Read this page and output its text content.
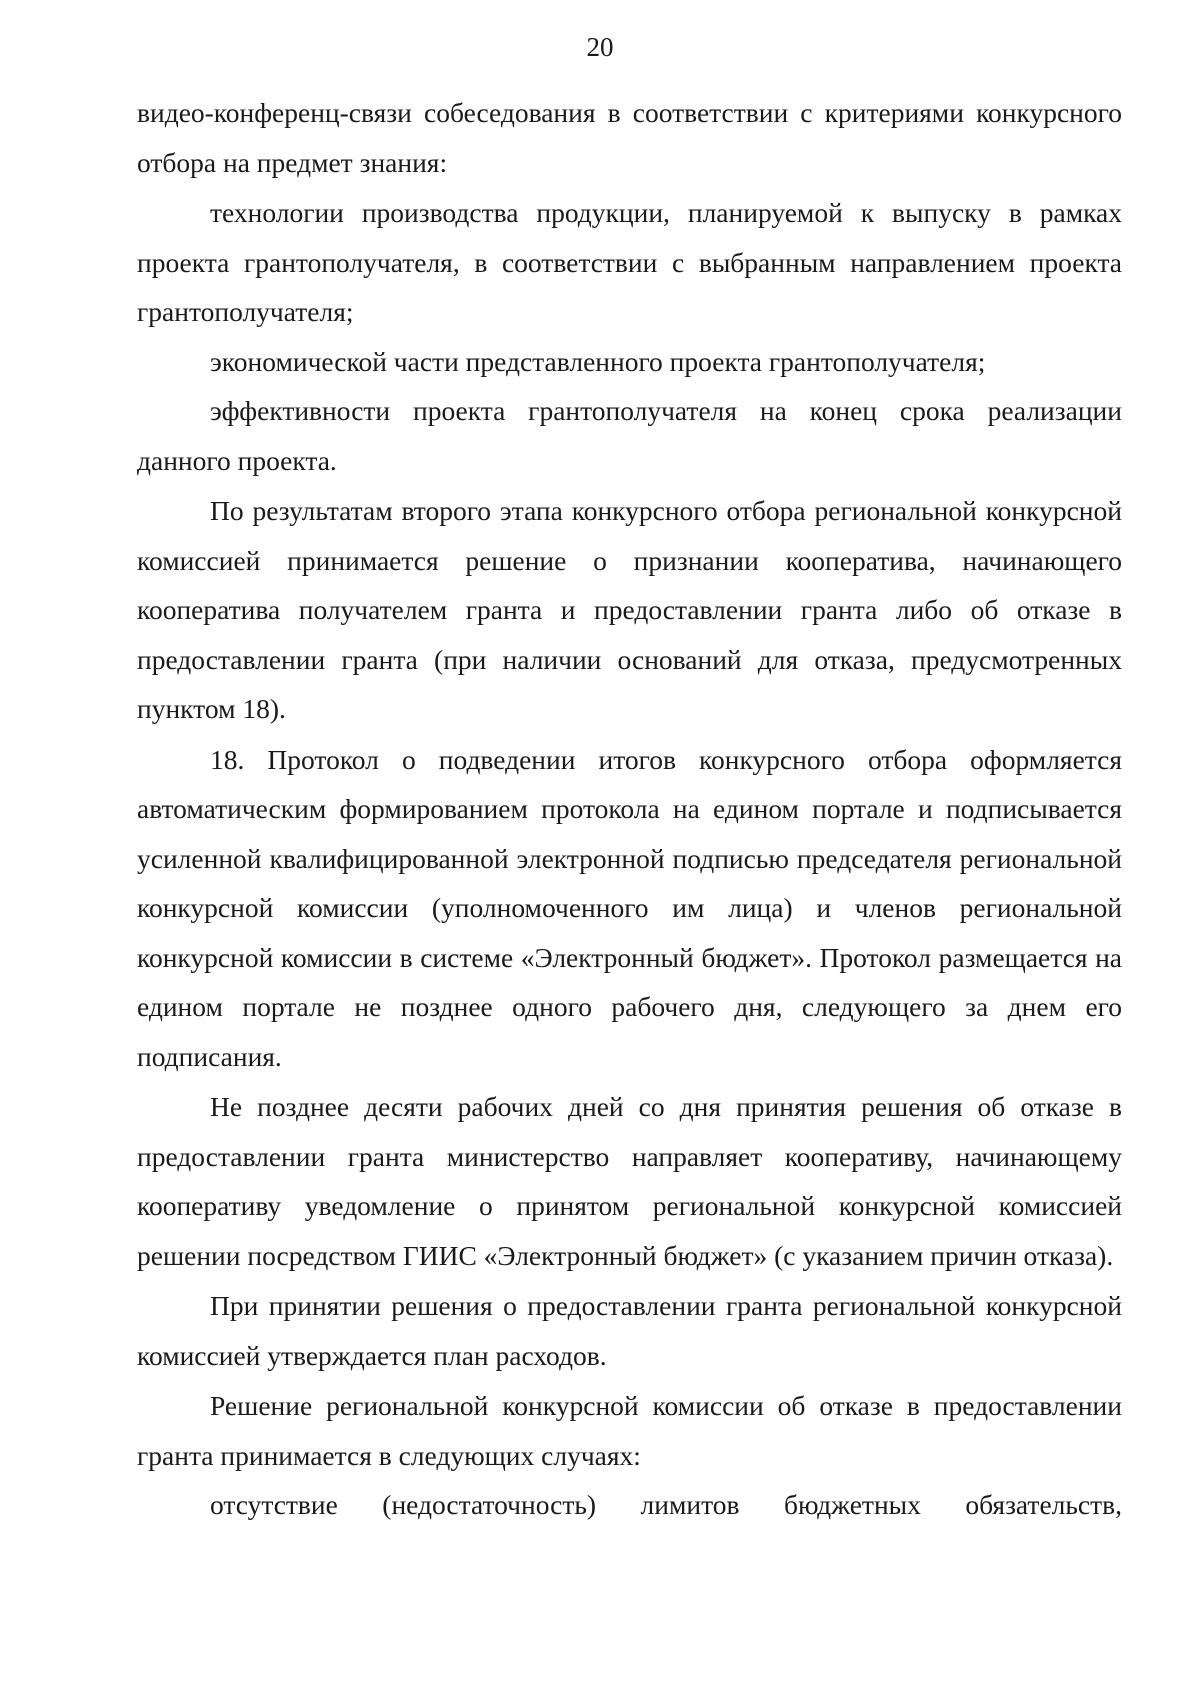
20

видео-конференц-связи собеседования в соответствии с критериями конкурсного отбора на предмет знания:

технологии производства продукции, планируемой к выпуску в рамках проекта грантополучателя, в соответствии с выбранным направлением проекта грантополучателя;

экономической части представленного проекта грантополучателя;

эффективности проекта грантополучателя на конец срока реализации данного проекта.

По результатам второго этапа конкурсного отбора региональной конкурсной комиссией принимается решение о признании кооператива, начинающего кооператива получателем гранта и предоставлении гранта либо об отказе в предоставлении гранта (при наличии оснований для отказа, предусмотренных пунктом 18).

18. Протокол о подведении итогов конкурсного отбора оформляется автоматическим формированием протокола на едином портале и подписывается усиленной квалифицированной электронной подписью председателя региональной конкурсной комиссии (уполномоченного им лица) и членов региональной конкурсной комиссии в системе «Электронный бюджет». Протокол размещается на едином портале не позднее одного рабочего дня, следующего за днем его подписания.

Не позднее десяти рабочих дней со дня принятия решения об отказе в предоставлении гранта министерство направляет кооперативу, начинающему кооперативу уведомление о принятом региональной конкурсной комиссией решении посредством ГИИС «Электронный бюджет» (с указанием причин отказа).

При принятии решения о предоставлении гранта региональной конкурсной комиссией утверждается план расходов.

Решение региональной конкурсной комиссии об отказе в предоставлении гранта принимается в следующих случаях:

отсутствие (недостаточность) лимитов бюджетных обязательств,
